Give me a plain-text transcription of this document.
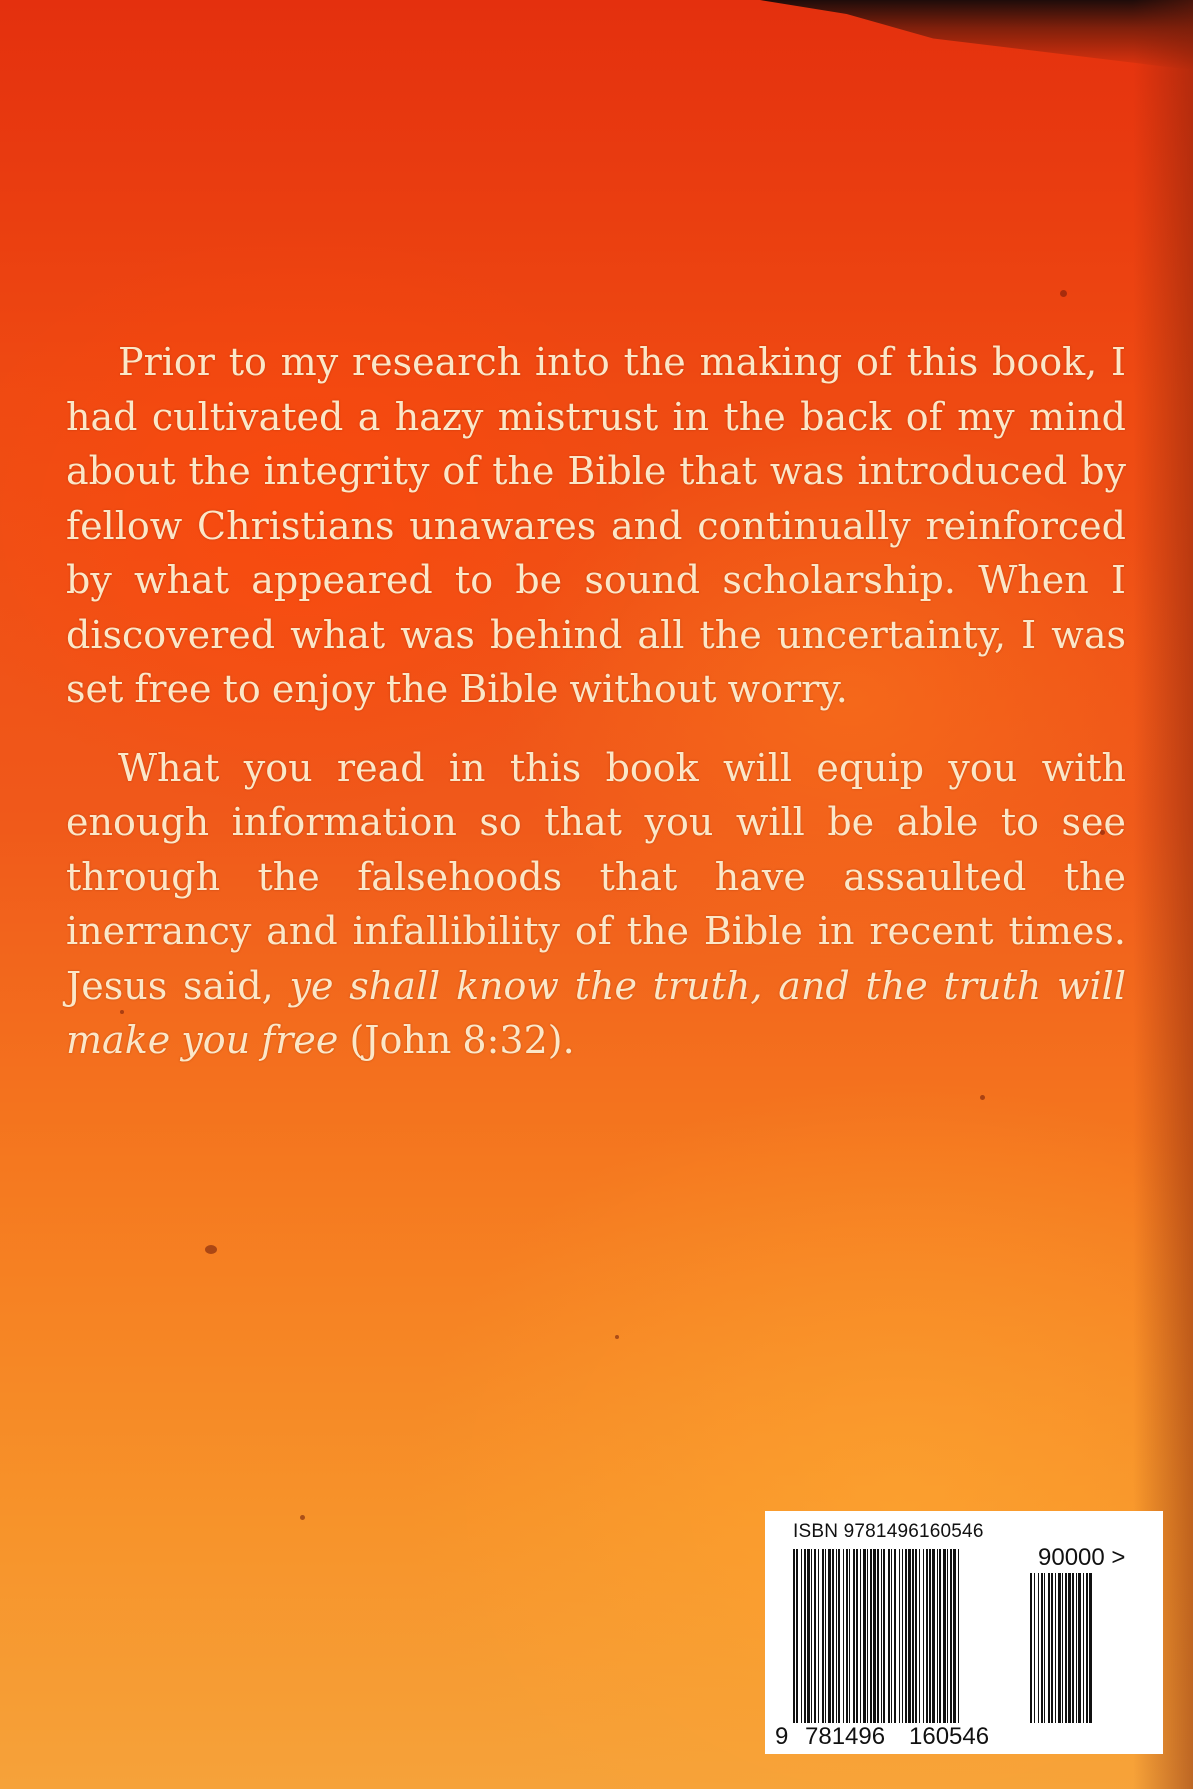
Prior to my research into the making of this book, I had cultivated a hazy mistrust in the back of my mind about the integrity of the Bible that was introduced by fellow Christians unawares and continually reinforced by what appeared to be sound scholarship. When I discovered what was behind all the uncertainty, I was set free to enjoy the Bible without worry.

What you read in this book will equip you with enough information so that you will be able to see through the falsehoods that have assaulted the inerrancy and infallibility of the Bible in recent times. Jesus said, ye shall know the truth, and the truth will make you free (John 8:32).

ISBN 9781496160546
90000 >
9 781496 160546
